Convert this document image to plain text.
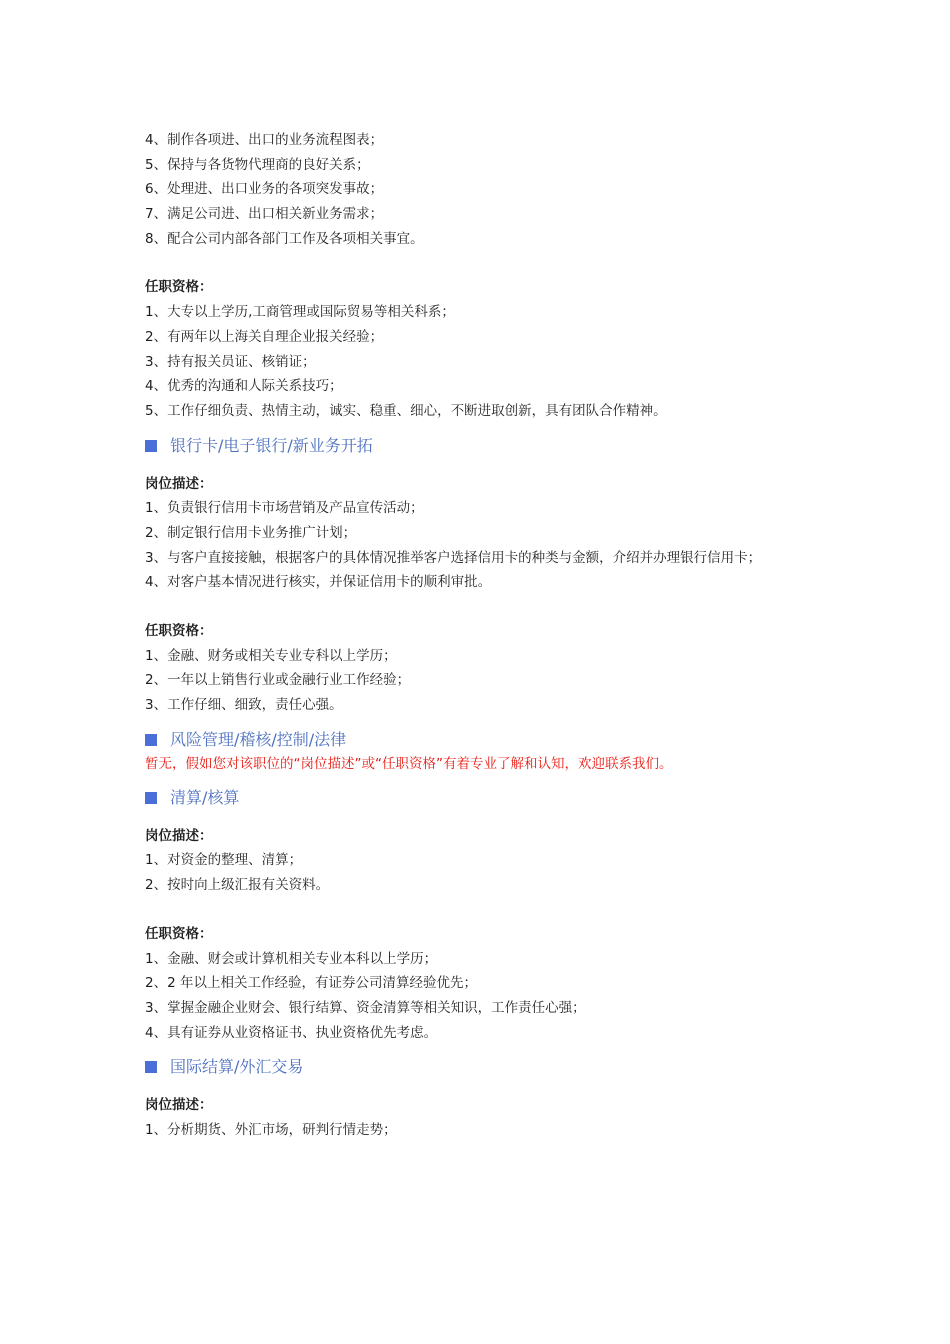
4、制作各项进、出口的业务流程图表；
5、保持与各货物代理商的良好关系；
6、处理进、出口业务的各项突发事故；
7、满足公司进、出口相关新业务需求；
8、配合公司内部各部门工作及各项相关事宜。
任职资格：
1、大专以上学历,工商管理或国际贸易等相关科系；
2、有两年以上海关自理企业报关经验；
3、持有报关员证、核销证；
4、优秀的沟通和人际关系技巧；
5、工作仔细负责、热情主动，诚实、稳重、细心，不断进取创新，具有团队合作精神。
银行卡/电子银行/新业务开拓
岗位描述：
1、负责银行信用卡市场营销及产品宣传活动；
2、制定银行信用卡业务推广计划；
3、与客户直接接触，根据客户的具体情况推举客户选择信用卡的种类与金额，介绍并办理银行信用卡；
4、对客户基本情况进行核实，并保证信用卡的顺利审批。
任职资格：
1、金融、财务或相关专业专科以上学历；
2、一年以上销售行业或金融行业工作经验；
3、工作仔细、细致，责任心强。
风险管理/稽核/控制/法律
暂无，假如您对该职位的“岗位描述”或“任职资格”有着专业了解和认知，欢迎联系我们。
清算/核算
岗位描述：
1、对资金的整理、清算；
2、按时向上级汇报有关资料。
任职资格：
1、金融、财会或计算机相关专业本科以上学历；
2、2 年以上相关工作经验，有证券公司清算经验优先；
3、掌握金融企业财会、银行结算、资金清算等相关知识，工作责任心强；
4、具有证券从业资格证书、执业资格优先考虑。
国际结算/外汇交易
岗位描述：
1、分析期货、外汇市场，研判行情走势；
